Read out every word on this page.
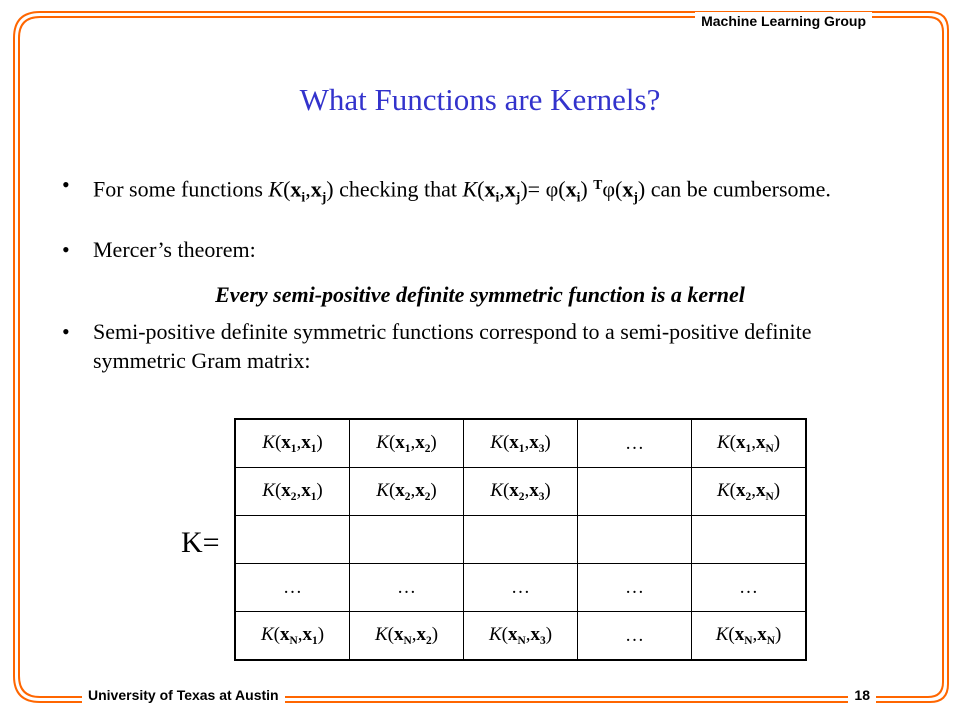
Machine Learning Group
University of Texas at Austin	18
What Functions are Kernels?
• For some functions $K(x_i,x_j)$ checking that $K(x_i,x_j)= \varphi(x_i)$ $^T\varphi(x_j)$ can be cumbersome.
• Mercer’s theorem:
Every semi-positive definite symmetric function is a kernel
• Semi-positive definite symmetric functions correspond to a semi-positive definite symmetric Gram matrix:
K=
$K(x_1,x_1)$	$K(x_1,x_2)$	$K(x_1,x_3)$	…	$K(x_1,x_N)$
$K(x_2,x_1)$	$K(x_2,x_2)$	$K(x_2,x_3)$		$K(x_2,x_N)$

…	…	…	…	…
$K(x_N,x_1)$	$K(x_N,x_2)$	$K(x_N,x_3)$	…	$K(x_N,x_N)$
